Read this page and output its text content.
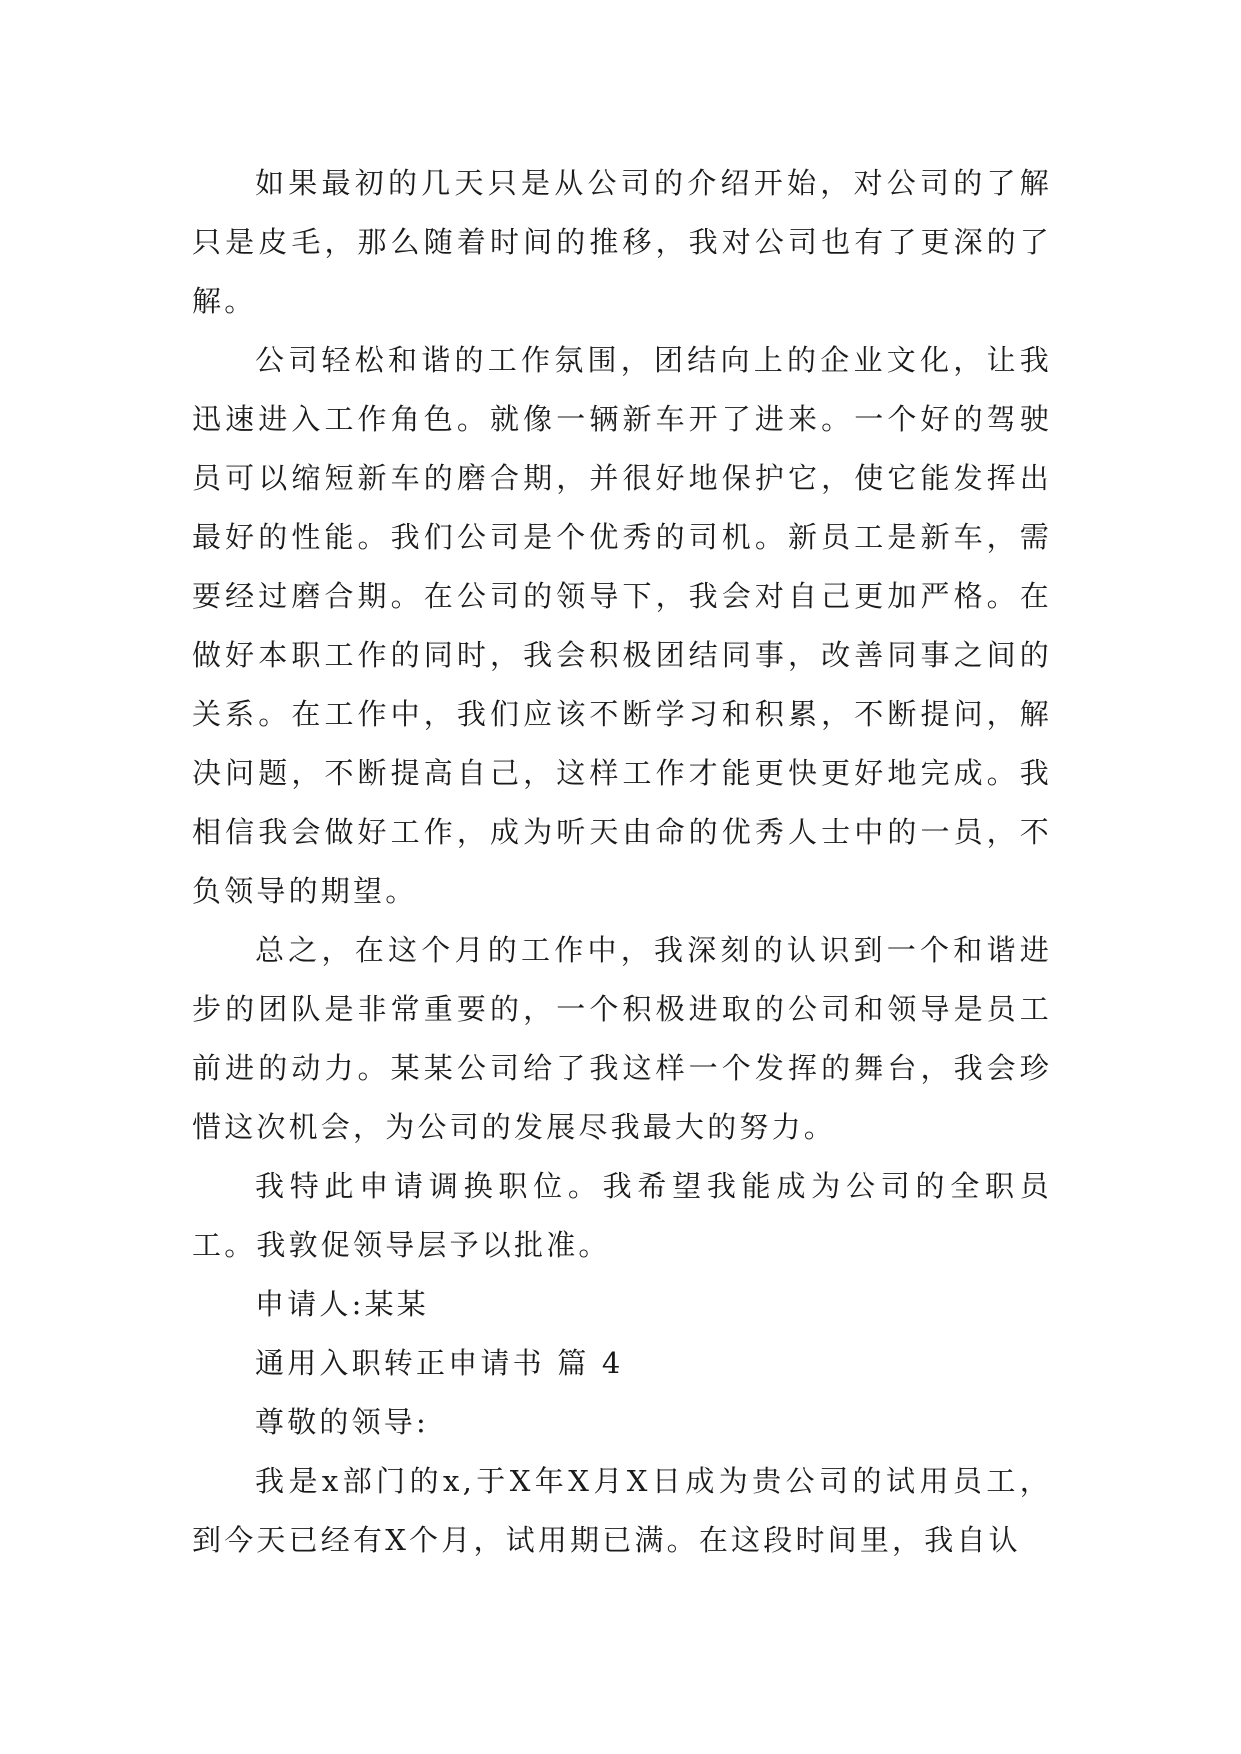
如果最初的几天只是从公司的介绍开始，对公司的了解只是皮毛，那么随着时间的推移，我对公司也有了更深的了解。

公司轻松和谐的工作氛围，团结向上的企业文化，让我迅速进入工作角色。就像一辆新车开了进来。一个好的驾驶员可以缩短新车的磨合期，并很好地保护它，使它能发挥出最好的性能。我们公司是个优秀的司机。新员工是新车，需要经过磨合期。在公司的领导下，我会对自己更加严格。在做好本职工作的同时，我会积极团结同事，改善同事之间的关系。在工作中，我们应该不断学习和积累，不断提问，解决问题，不断提高自己，这样工作才能更快更好地完成。我相信我会做好工作，成为听天由命的优秀人士中的一员，不负领导的期望。

总之，在这个月的工作中，我深刻的认识到一个和谐进步的团队是非常重要的，一个积极进取的公司和领导是员工前进的动力。某某公司给了我这样一个发挥的舞台，我会珍惜这次机会，为公司的发展尽我最大的努力。

我特此申请调换职位。我希望我能成为公司的全职员工。我敦促领导层予以批准。

申请人:某某

通用入职转正申请书 篇 4

尊敬的领导:

我是x部门的x,于X年X月X日成为贵公司的试用员工，到今天已经有X个月，试用期已满。在这段时间里，我自认
